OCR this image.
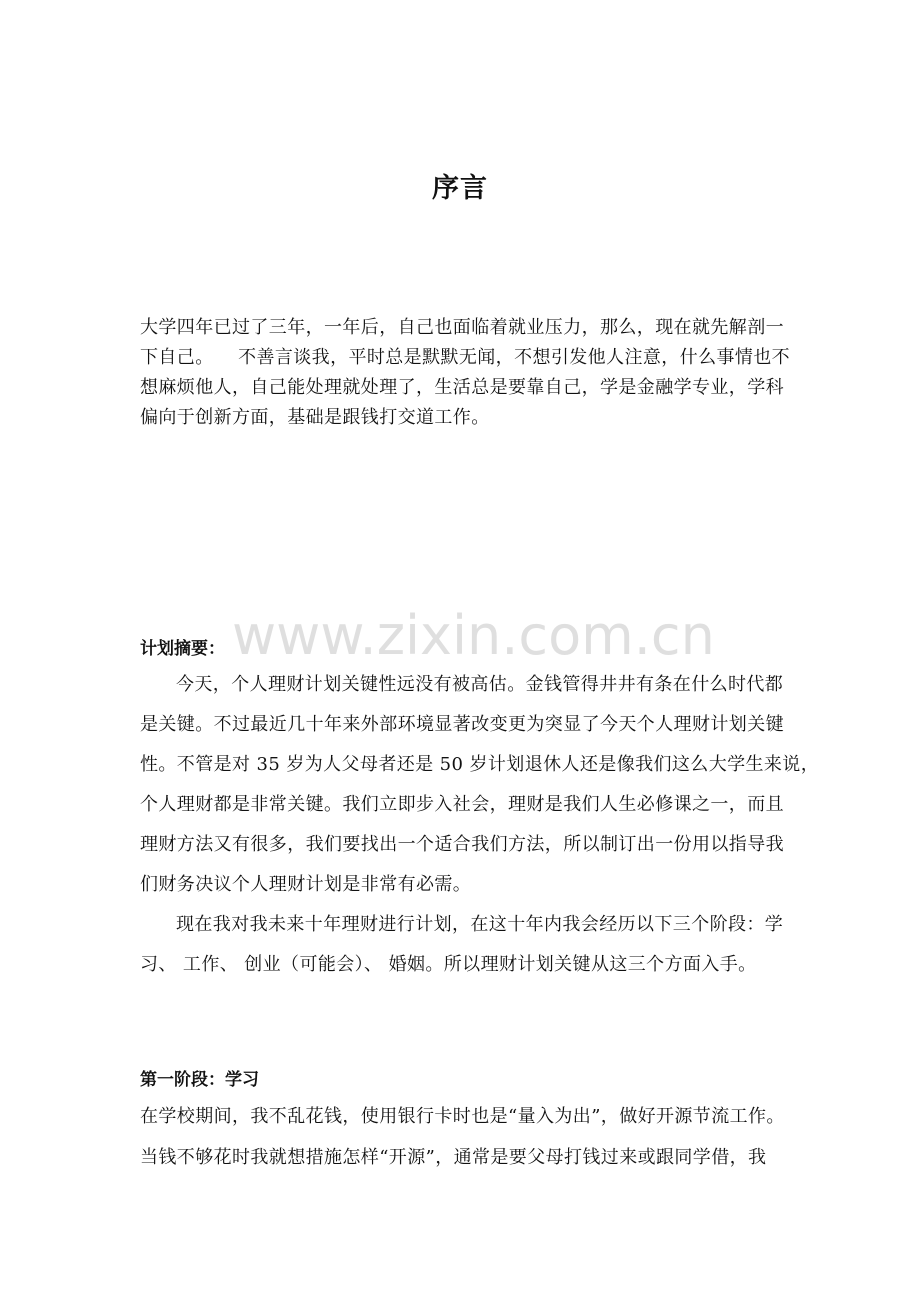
序言
大学四年已过了三年，一年后，自己也面临着就业压力，那么，现在就先解剖一
下自己。    不善言谈我，平时总是默默无闻，不想引发他人注意，什么事情也不
想麻烦他人，自己能处理就处理了，生活总是要靠自己，学是金融学专业，学科
偏向于创新方面，基础是跟钱打交道工作。
www.zixin.com.cn
计划摘要：
今天，个人理财计划关键性远没有被高估。金钱管得井井有条在什么时代都
是关键。不过最近几十年来外部环境显著改变更为突显了今天个人理财计划关键
性。不管是对 35 岁为人父母者还是 50 岁计划退休人还是像我们这么大学生来说，
个人理财都是非常关键。我们立即步入社会，理财是我们人生必修课之一，而且
理财方法又有很多，我们要找出一个适合我们方法，所以制订出一份用以指导我
们财务决议个人理财计划是非常有必需。
现在我对我未来十年理财进行计划，在这十年内我会经历以下三个阶段：学
习、 工作、 创业（可能会）、 婚姻。所以理财计划关键从这三个方面入手。
第一阶段：学习
在学校期间，我不乱花钱，使用银行卡时也是“量入为出”，做好开源节流工作。
当钱不够花时我就想措施怎样“开源”，通常是要父母打钱过来或跟同学借，我
